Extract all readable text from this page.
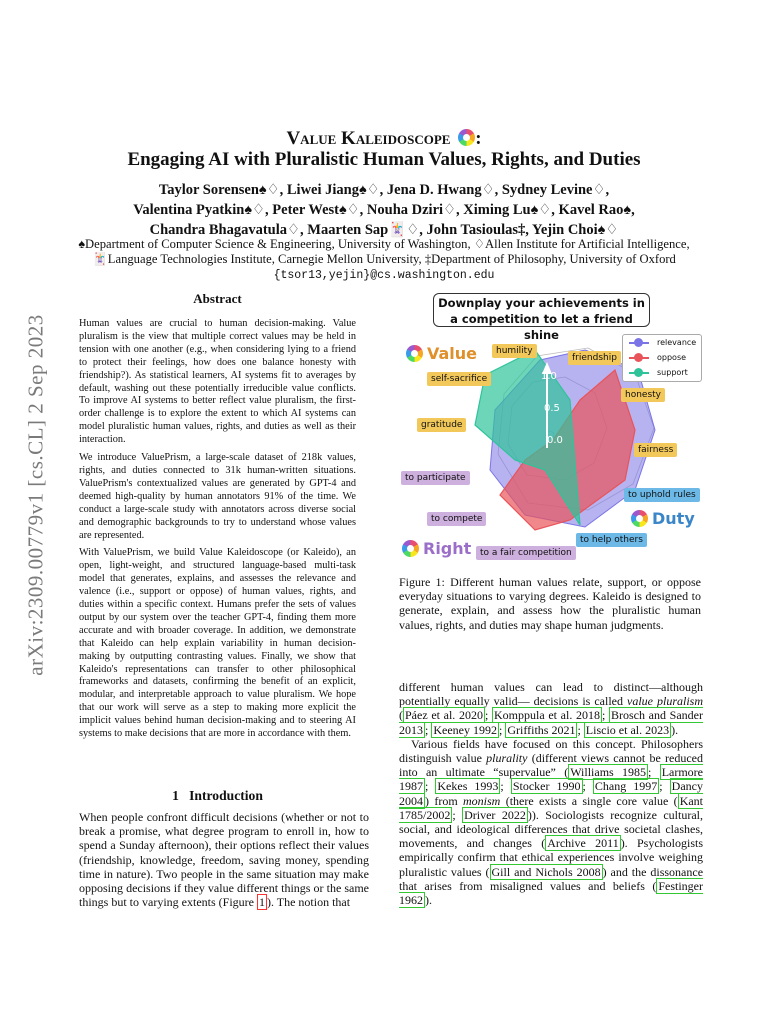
arXiv:2309.00779v1 [cs.CL] 2 Sep 2023
Value Kaleidoscope :
Engaging AI with Pluralistic Human Values, Rights, and Duties
Taylor Sorensen♠♢, Liwei Jiang♠♢, Jena D. Hwang♢, Sydney Levine♢,
Valentina Pyatkin♠♢, Peter West♠♢, Nouha Dziri♢, Ximing Lu♠♢, Kavel Rao♠,
Chandra Bhagavatula♢, Maarten Sap🃏♢, John Tasioulas‡, Yejin Choi♠♢
♠Department of Computer Science & Engineering, University of Washington, ♢Allen Institute for Artificial Intelligence,
🃏Language Technologies Institute, Carnegie Mellon University, ‡Department of Philosophy, University of Oxford
{tsor13,yejin}@cs.washington.edu
Abstract

Human values are crucial to human decision-making. Value pluralism is the view that multiple correct values may be held in tension with one another (e.g., when considering lying to a friend to protect their feelings, how does one balance honesty with friendship?). As statistical learners, AI systems fit to averages by default, washing out these potentially irreducible value conflicts. To improve AI systems to better reflect value pluralism, the first-order challenge is to explore the extent to which AI systems can model pluralistic human values, rights, and duties as well as their interaction.

We introduce ValuePrism, a large-scale dataset of 218k values, rights, and duties connected to 31k human-written situations. ValuePrism's contextualized values are generated by GPT-4 and deemed high-quality by human annotators 91% of the time. We conduct a large-scale study with annotators across diverse social and demographic backgrounds to try to understand whose values are represented.

With ValuePrism, we build Value Kaleidoscope (or Kaleido), an open, light-weight, and structured language-based multi-task model that generates, explains, and assesses the relevance and valence (i.e., support or oppose) of human values, rights, and duties within a specific context. Humans prefer the sets of values output by our system over the teacher GPT-4, finding them more accurate and with broader coverage. In addition, we demonstrate that Kaleido can help explain variability in human decision-making by outputting contrasting values. Finally, we show that Kaleido's representations can transfer to other philosophical frameworks and datasets, confirming the benefit of an explicit, modular, and interpretable approach to value pluralism. We hope that our work will serve as a step to making more explicit the implicit values behind human decision-making and to steering AI systems to make decisions that are more in accordance with them.

1 Introduction
When people confront difficult decisions (whether or not to break a promise, what degree program to enroll in, how to spend a Sunday afternoon), their options reflect their values (friendship, knowledge, freedom, saving money, spending time in nature). Two people in the same situation may make opposing decisions if they value different things or the same things but to varying extents (Figure 1 ). The notion that
Downplay your achievements in a competition to let a friend shine
1.0
0.5
0.0
Value
Right
Duty
relevance
oppose
support
humility
friendship
self-sacrifice
honesty
gratitude
fairness
to participate
to uphold rules
to compete
to help others
to a fair competition
Figure 1: Different human values relate, support, or oppose everyday situations to varying degrees. Kaleido is designed to generate, explain, and assess how the pluralistic human values, rights, and duties may shape human judgments.

different human values can lead to distinct—although potentially equally valid— decisions is called value pluralism ( Páez et al. 2020 ; Komppula et al. 2018 ; Brosch and Sander 2013 ; Keeney 1992 ; Griffiths 2021 ; Liscio et al. 2023 ).

Various fields have focused on this concept. Philosophers distinguish value plurality (different views cannot be reduced into an ultimate “supervalue” ( Williams 1985 ; Larmore 1987 ; Kekes 1993 ; Stocker 1990 ; Chang 1997 ; Dancy 2004 ) from monism (there exists a single core value ( Kant 1785/2002 ; Driver 2022 )). Sociologists recognize cultural, social, and ideological differences that drive societal clashes, movements, and changes ( Archive 2011 ). Psychologists empirically confirm that ethical experiences involve weighing pluralistic values ( Gill and Nichols 2008 ) and the dissonance that arises from misaligned values and beliefs ( Festinger 1962 ).
